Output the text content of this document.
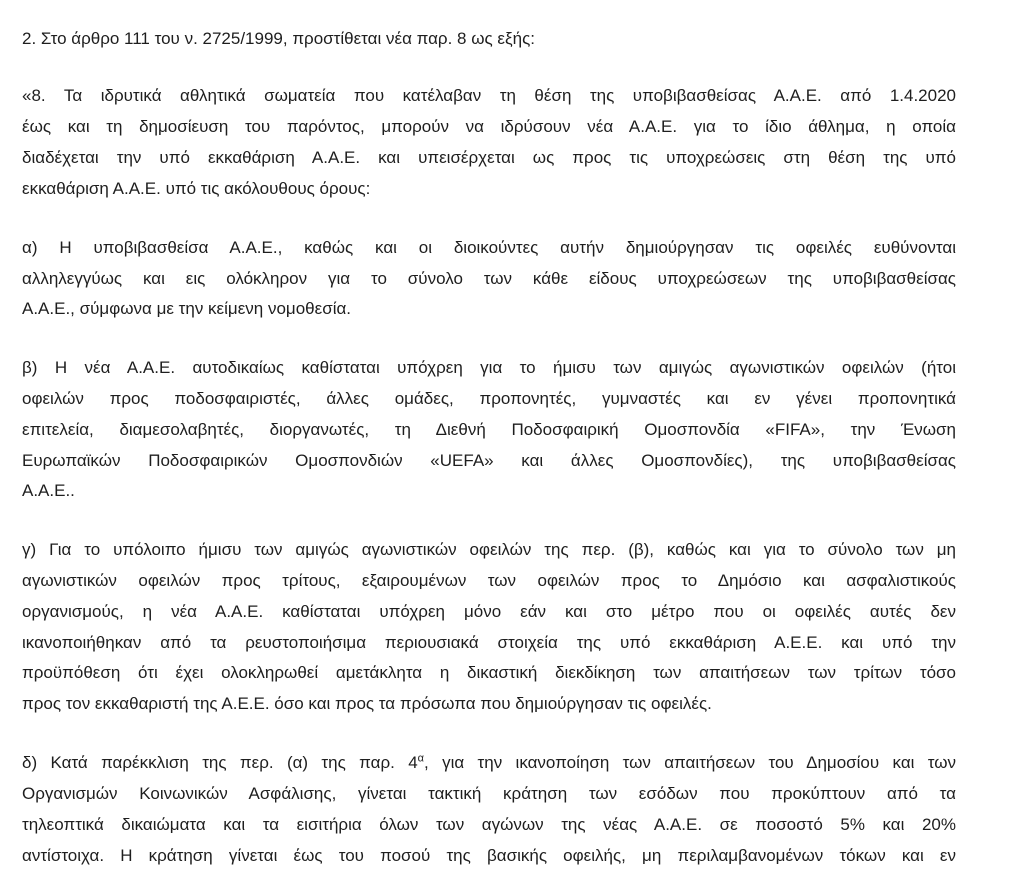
2. Στο άρθρο 111 του ν. 2725/1999, προστίθεται νέα παρ. 8 ως εξής:
«8. Τα ιδρυτικά αθλητικά σωματεία που κατέλαβαν τη θέση της υποβιβασθείσας Α.Α.Ε. από 1.4.2020
έως και τη δημοσίευση του παρόντος, μπορούν να ιδρύσουν νέα Α.Α.Ε. για το ίδιο άθλημα, η οποία
διαδέχεται την υπό εκκαθάριση Α.Α.Ε. και υπεισέρχεται ως προς τις υποχρεώσεις στη θέση της υπό
εκκαθάριση Α.Α.Ε. υπό τις ακόλουθους όρους:
α) Η υποβιβασθείσα Α.Α.Ε., καθώς και οι διοικούντες αυτήν δημιούργησαν τις οφειλές ευθύνονται
αλληλεγγύως και εις ολόκληρον για το σύνολο των κάθε είδους υποχρεώσεων της υποβιβασθείσας
Α.Α.Ε., σύμφωνα με την κείμενη νομοθεσία.
β) Η νέα Α.Α.Ε. αυτοδικαίως καθίσταται υπόχρεη για το ήμισυ των αμιγώς αγωνιστικών οφειλών (ήτοι
οφειλών προς ποδοσφαιριστές, άλλες ομάδες, προπονητές, γυμναστές και εν γένει προπονητικά
επιτελεία, διαμεσολαβητές, διοργανωτές, τη Διεθνή Ποδοσφαιρική Ομοσπονδία «FIFA», την Ένωση
Ευρωπαϊκών Ποδοσφαιρικών Ομοσπονδιών «UEFA» και άλλες Ομοσπονδίες), της υποβιβασθείσας
Α.Α.Ε..
γ) Για το υπόλοιπο ήμισυ των αμιγώς αγωνιστικών οφειλών της περ. (β), καθώς και για το σύνολο των μη
αγωνιστικών οφειλών προς τρίτους, εξαιρουμένων των οφειλών προς το Δημόσιο και ασφαλιστικούς
οργανισμούς, η νέα Α.Α.Ε. καθίσταται υπόχρεη μόνο εάν και στο μέτρο που οι οφειλές αυτές δεν
ικανοποιήθηκαν από τα ρευστοποιήσιμα περιουσιακά στοιχεία της υπό εκκαθάριση Α.Ε.Ε. και υπό την
προϋπόθεση ότι έχει ολοκληρωθεί αμετάκλητα η δικαστική διεκδίκηση των απαιτήσεων των τρίτων τόσο
προς τον εκκαθαριστή της Α.Ε.Ε. όσο και προς τα πρόσωπα που δημιούργησαν τις οφειλές.
δ) Κατά παρέκκλιση της περ. (α) της παρ. $4^\alpha$, για την ικανοποίηση των απαιτήσεων του Δημοσίου και των
Οργανισμών Κοινωνικών Ασφάλισης, γίνεται τακτική κράτηση των εσόδων που προκύπτουν από τα
τηλεοπτικά δικαιώματα και τα εισιτήρια όλων των αγώνων της νέας Α.Α.Ε. σε ποσοστό 5% και 20%
αντίστοιχα. Η κράτηση γίνεται έως του ποσού της βασικής οφειλής, μη περιλαμβανομένων τόκων και εν
